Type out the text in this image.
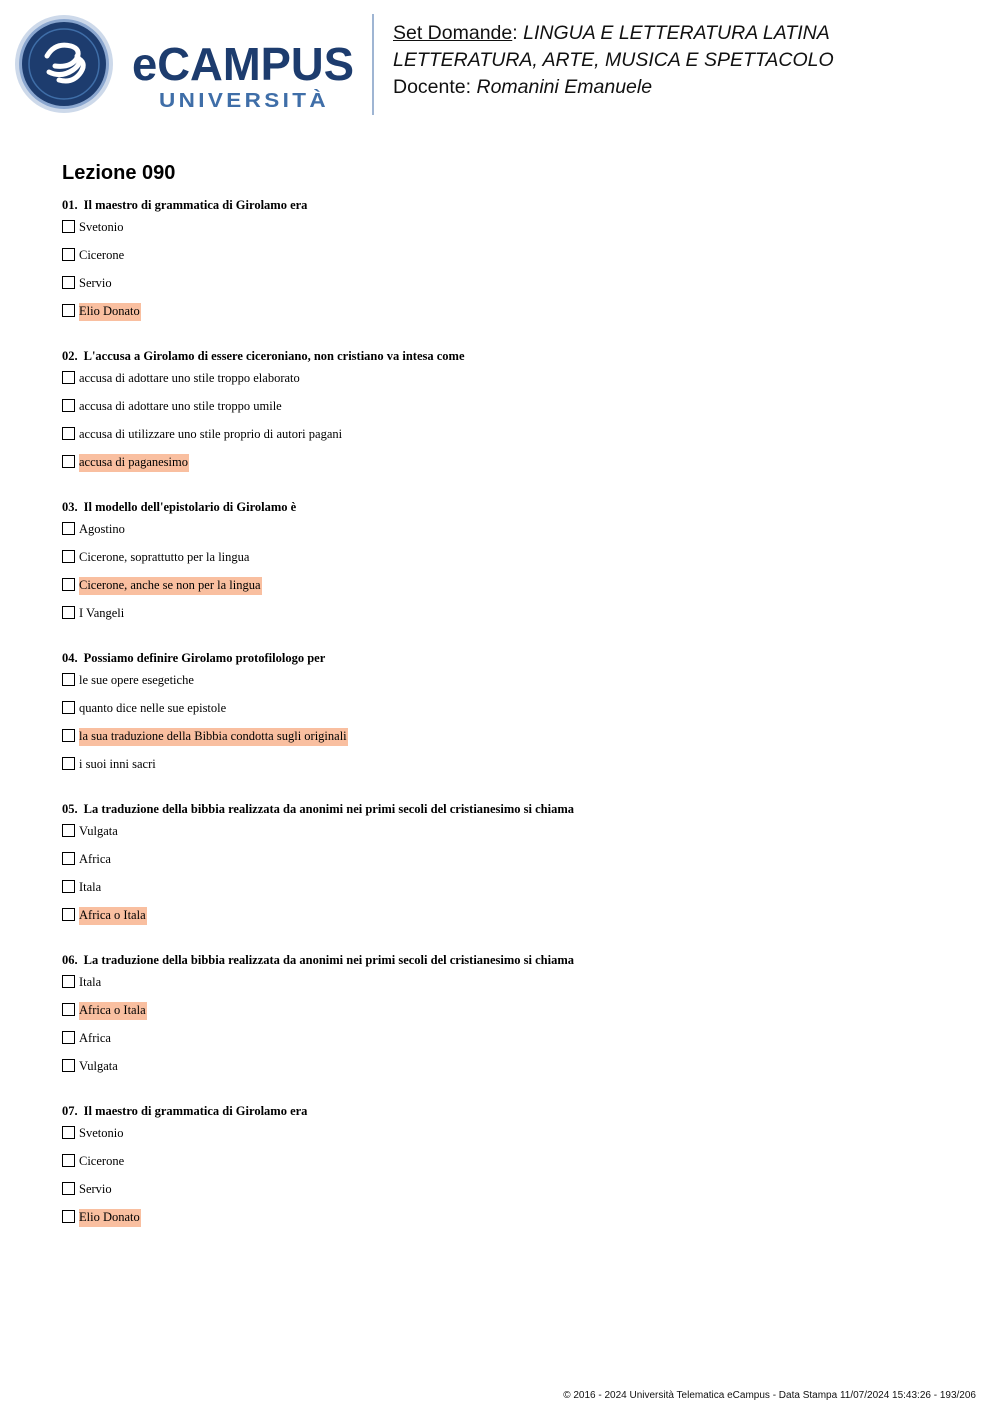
eCAMPUS
UNIVERSITÀ
Set Domande: LINGUA E LETTERATURA LATINA
LETTERATURA, ARTE, MUSICA E SPETTACOLO
Docente: Romanini Emanuele
Lezione 090
01. Il maestro di grammatica di Girolamo era
Svetonio
Cicerone
Servio
Elio Donato
02. L'accusa a Girolamo di essere ciceroniano, non cristiano va intesa come
accusa di adottare uno stile troppo elaborato
accusa di adottare uno stile troppo umile
accusa di utilizzare uno stile proprio di autori pagani
accusa di paganesimo
03. Il modello dell'epistolario di Girolamo è
Agostino
Cicerone, soprattutto per la lingua
Cicerone, anche se non per la lingua
I Vangeli
04. Possiamo definire Girolamo protofilologo per
le sue opere esegetiche
quanto dice nelle sue epistole
la sua traduzione della Bibbia condotta sugli originali
i suoi inni sacri
05. La traduzione della bibbia realizzata da anonimi nei primi secoli del cristianesimo si chiama
Vulgata
Africa
Itala
Africa o Itala
06. La traduzione della bibbia realizzata da anonimi nei primi secoli del cristianesimo si chiama
Itala
Africa o Itala
Africa
Vulgata
07. Il maestro di grammatica di Girolamo era
Svetonio
Cicerone
Servio
Elio Donato
© 2016 - 2024 Università Telematica eCampus - Data Stampa 11/07/2024 15:43:26 - 193/206
